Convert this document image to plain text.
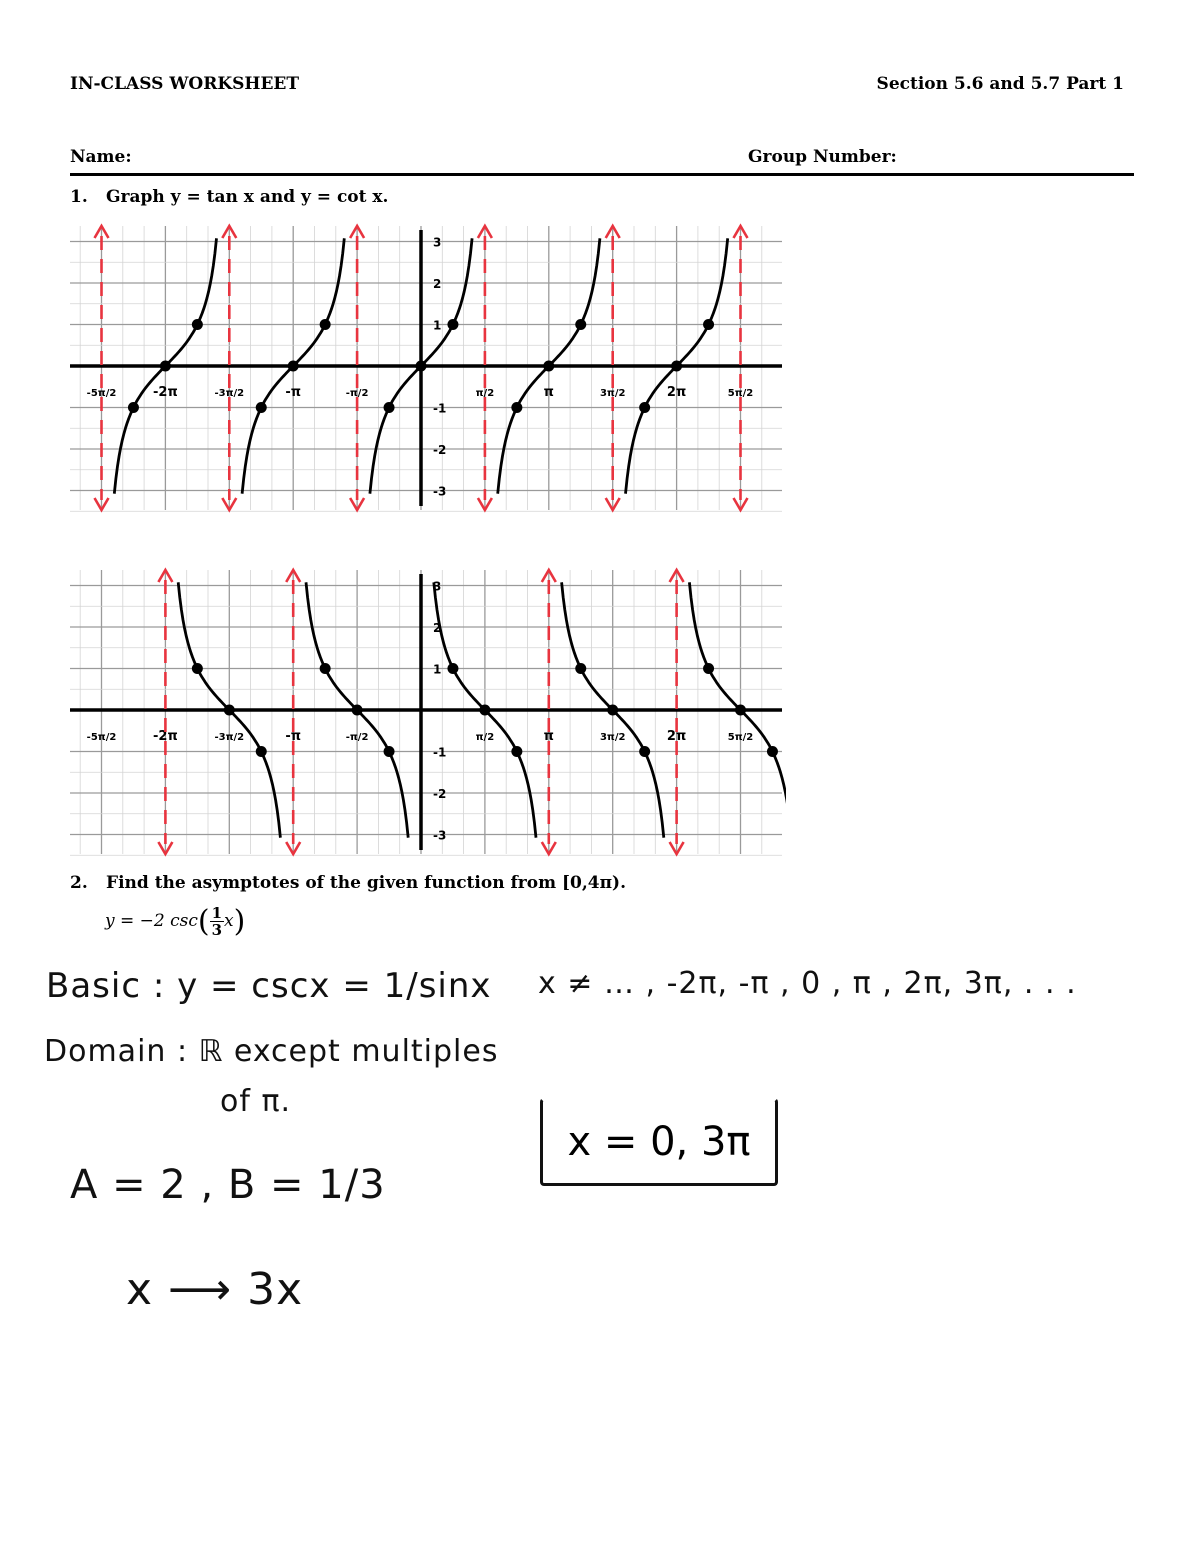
IN-CLASS WORKSHEET	Section 5.6 and 5.7 Part 1
Name:	Group Number:
1. Graph y = tan x and y = cot x.
-5π/2	-2π	-3π/2	-π	-π/2	π/2	π	3π/2	2π	5π/2
3
2
1
-1
-2
-3
-5π/2	-2π	-3π/2	-π	-π/2	π/2	π	3π/2	2π	5π/2
3
2
1
-1
-2
-3
2. Find the asymptotes of the given function from [0,4π).
y = −2 $\csc( \frac{1}{3} x)$
Basic : y = cscx = 1/sinx x ≠ … , -2π, -π , 0 , π , 2π, 3π, . . .
Domain : ℝ except multiples
of π.
x = 0, 3π
A = 2 , B = 1/3
x ⟶ 3x
